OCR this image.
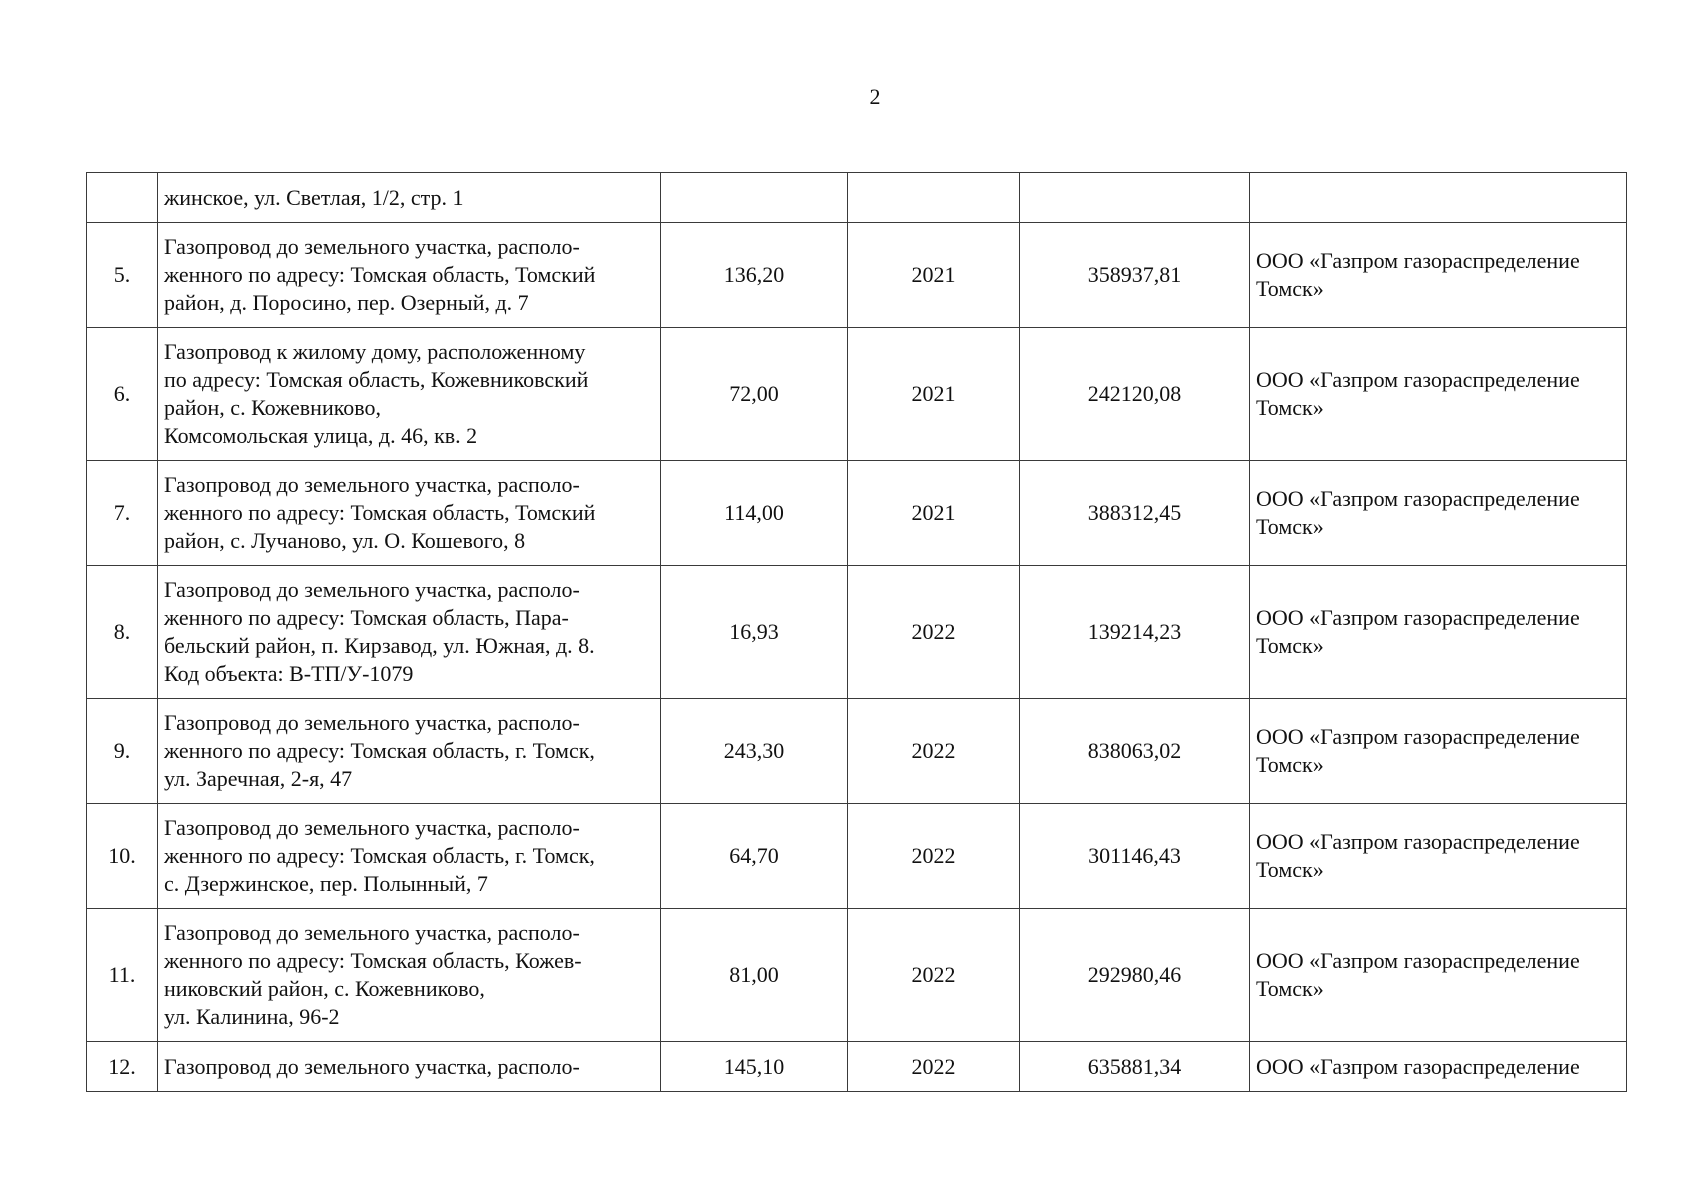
2
	жинское, ул. Светлая, 1/2, стр. 1				
5.	Газопровод до земельного участка, располо-
женного по адресу: Томская область, Томский
район, д. Поросино, пер. Озерный, д. 7	136,20	2021	358937,81	ООО «Газпром газораспределение Томск»
6.	Газопровод к жилому дому, расположенному
по адресу: Томская область, Кожевниковский
район, с. Кожевниково,
Комсомольская улица, д. 46, кв. 2	72,00	2021	242120,08	ООО «Газпром газораспределение Томск»
7.	Газопровод до земельного участка, располо-
женного по адресу: Томская область, Томский
район, с. Лучаново, ул. О. Кошевого, 8	114,00	2021	388312,45	ООО «Газпром газораспределение Томск»
8.	Газопровод до земельного участка, располо-
женного по адресу: Томская область, Пара-
бельский район, п. Кирзавод, ул. Южная, д. 8.
Код объекта: В-ТП/У-1079	16,93	2022	139214,23	ООО «Газпром газораспределение Томск»
9.	Газопровод до земельного участка, располо-
женного по адресу: Томская область, г. Томск,
ул. Заречная, 2-я, 47	243,30	2022	838063,02	ООО «Газпром газораспределение Томск»
10.	Газопровод до земельного участка, располо-
женного по адресу: Томская область, г. Томск,
с. Дзержинское, пер. Полынный, 7	64,70	2022	301146,43	ООО «Газпром газораспределение Томск»
11.	Газопровод до земельного участка, располо-
женного по адресу: Томская область, Кожев-
никовский район, с. Кожевниково,
ул. Калинина, 96-2	81,00	2022	292980,46	ООО «Газпром газораспределение Томск»
12.	Газопровод до земельного участка, располо-	145,10	2022	635881,34	ООО «Газпром газораспределение
